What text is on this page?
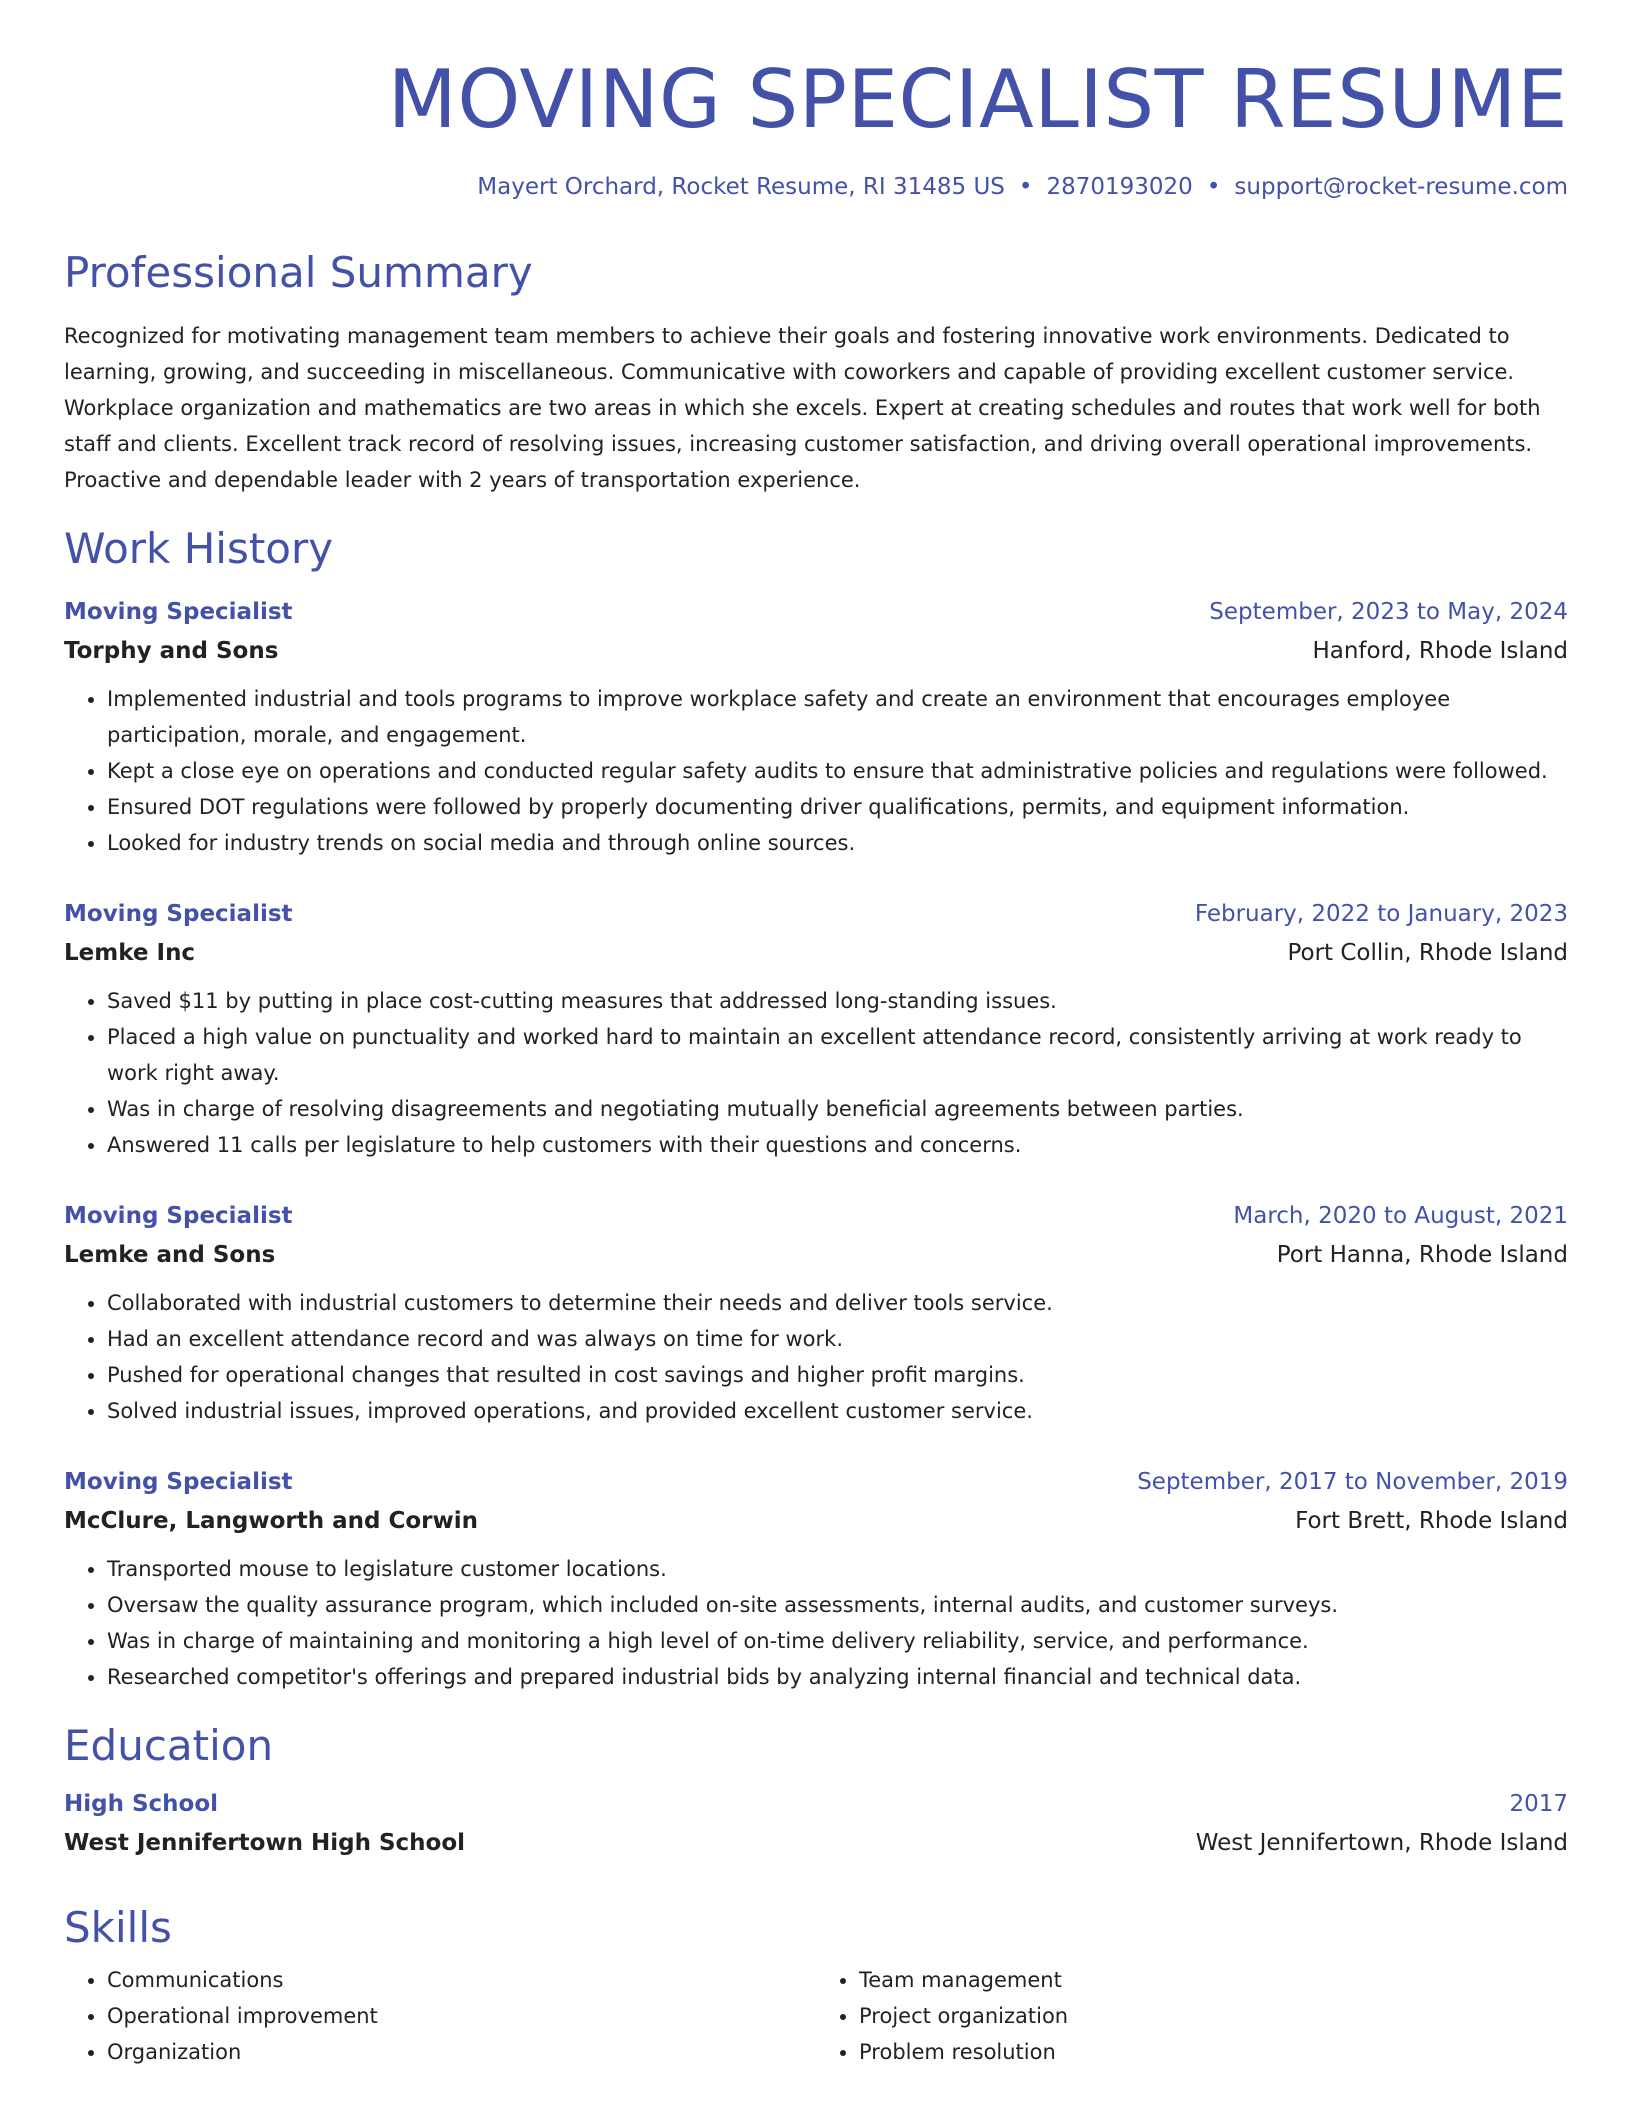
MOVING SPECIALIST RESUME
Mayert Orchard, Rocket Resume, RI 31485 US • 2870193020 • support@rocket-resume.com
Professional Summary

Recognized for motivating management team members to achieve their goals and fostering innovative work environments. Dedicated to learning, growing, and succeeding in miscellaneous. Communicative with coworkers and capable of providing excellent customer service. Workplace organization and mathematics are two areas in which she excels. Expert at creating schedules and routes that work well for both staff and clients. Excellent track record of resolving issues, increasing customer satisfaction, and driving overall operational improvements. Proactive and dependable leader with 2 years of transportation experience.

Work History
Moving Specialist	September, 2023 to May, 2024
Torphy and Sons	Hanford, Rhode Island
• Implemented industrial and tools programs to improve workplace safety and create an environment that encourages employee participation, morale, and engagement.
• Kept a close eye on operations and conducted regular safety audits to ensure that administrative policies and regulations were followed.
• Ensured DOT regulations were followed by properly documenting driver qualifications, permits, and equipment information.
• Looked for industry trends on social media and through online sources.
Moving Specialist	February, 2022 to January, 2023
Lemke Inc	Port Collin, Rhode Island
• Saved $11 by putting in place cost-cutting measures that addressed long-standing issues.
• Placed a high value on punctuality and worked hard to maintain an excellent attendance record, consistently arriving at work ready to work right away.
• Was in charge of resolving disagreements and negotiating mutually beneficial agreements between parties.
• Answered 11 calls per legislature to help customers with their questions and concerns.
Moving Specialist	March, 2020 to August, 2021
Lemke and Sons	Port Hanna, Rhode Island
• Collaborated with industrial customers to determine their needs and deliver tools service.
• Had an excellent attendance record and was always on time for work.
• Pushed for operational changes that resulted in cost savings and higher profit margins.
• Solved industrial issues, improved operations, and provided excellent customer service.
Moving Specialist	September, 2017 to November, 2019
McClure, Langworth and Corwin	Fort Brett, Rhode Island
• Transported mouse to legislature customer locations.
• Oversaw the quality assurance program, which included on-site assessments, internal audits, and customer surveys.
• Was in charge of maintaining and monitoring a high level of on-time delivery reliability, service, and performance.
• Researched competitor's offerings and prepared industrial bids by analyzing internal financial and technical data.
Education
High School	2017
West Jennifertown High School	West Jennifertown, Rhode Island
Skills
• Communications
• Operational improvement
• Organization
• Team management
• Project organization
• Problem resolution
